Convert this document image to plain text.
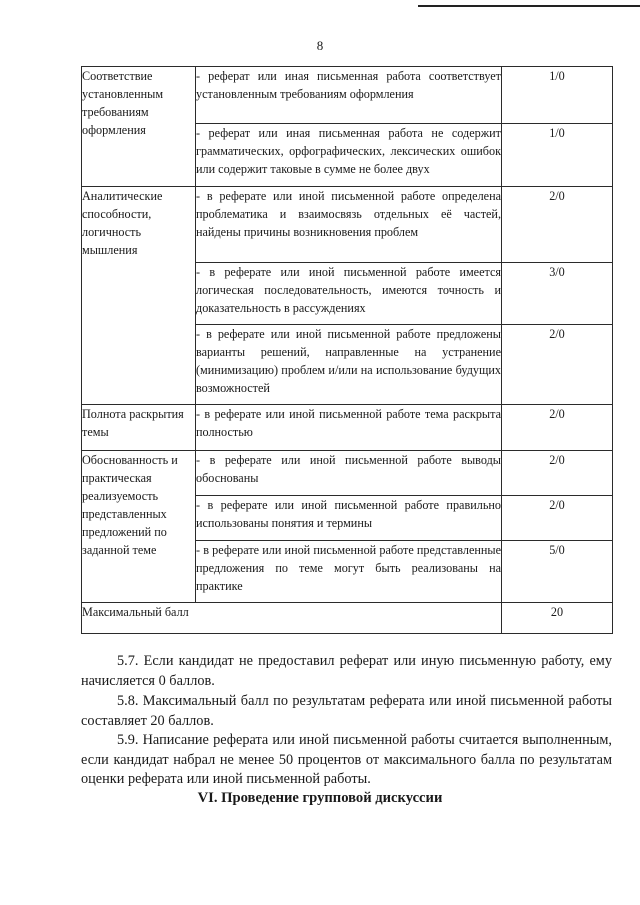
8
Соответствие установленным требованиям оформления	- реферат или иная письменная работа соответствует установленным требованиям оформления	1/0
	- реферат или иная письменная работа не содержит грамматических, орфографических, лексических ошибок или содержит таковые в сумме не более двух	1/0
Аналитические способности, логичность мышления	- в реферате или иной письменной работе определена проблематика и взаимосвязь отдельных её частей, найдены причины возникновения проблем	2/0
	- в реферате или иной письменной работе имеется логическая последовательность, имеются точность и доказательность в рассуждениях	3/0
	- в реферате или иной письменной работе предложены варианты решений, направленные на устранение (минимизацию) проблем и/или на использование будущих возможностей	2/0
Полнота раскрытия темы	- в реферате или иной письменной работе тема раскрыта полностью	2/0
Обоснованность и практическая реализуемость представленных предложений по заданной теме	- в реферате или иной письменной работе выводы обоснованы	2/0
	- в реферате или иной письменной работе правильно использованы понятия и термины	2/0
	- в реферате или иной письменной работе представленные предложения по теме могут быть реализованы на практике	5/0
Максимальный балл		20

5.7. Если кандидат не предоставил реферат или иную письменную работу, ему начисляется 0 баллов.

5.8. Максимальный балл по результатам реферата или иной письменной работы составляет 20 баллов.

5.9. Написание реферата или иной письменной работы считается выполненным, если кандидат набрал не менее 50 процентов от максимального балла по результатам оценки реферата или иной письменной работы.

VI. Проведение групповой дискуссии
